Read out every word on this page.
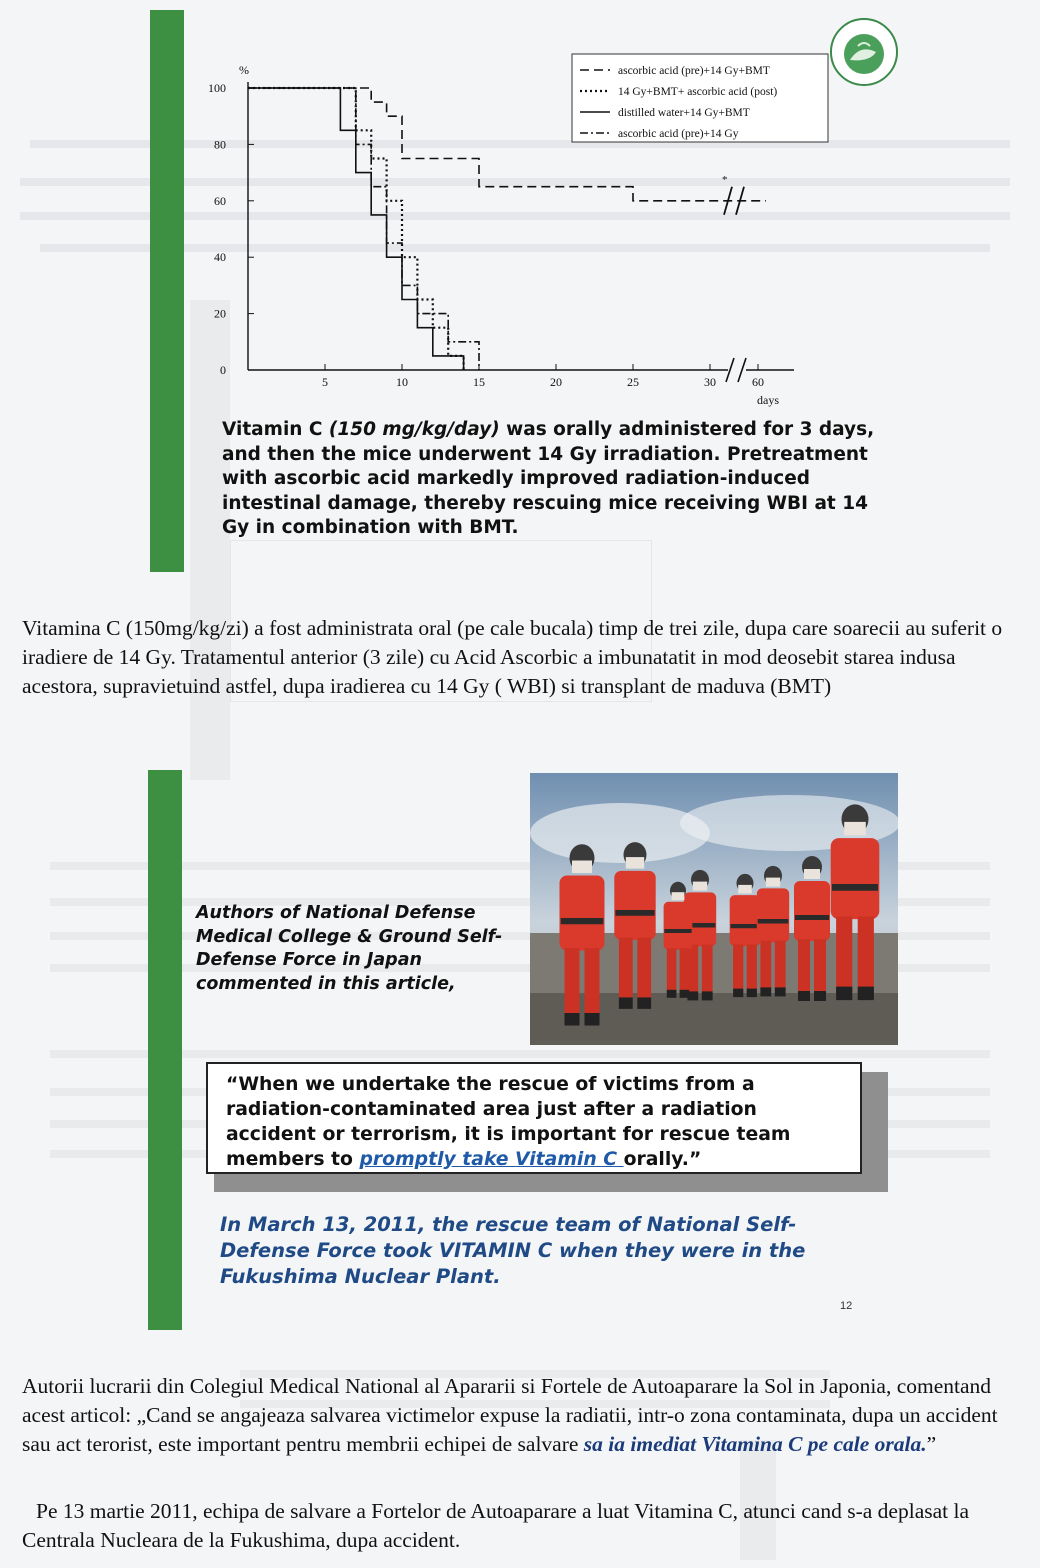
0
20
40
60
80
100
%
5	10	15	20	25	30	60
days
*
ascorbic acid (pre)+14 Gy+BMT
14 Gy+BMT+ ascorbic acid (post)
distilled water+14 Gy+BMT
ascorbic acid (pre)+14 Gy
Vitamin C (150 mg/kg/day) was orally administered for 3 days, and then the mice underwent 14 Gy irradiation. Pretreatment with ascorbic acid markedly improved radiation-induced intestinal damage, thereby rescuing mice receiving WBI at 14 Gy in combination with BMT.
Vitamina C (150mg/kg/zi) a fost administrata oral (pe cale bucala) timp de trei zile, dupa care soarecii au suferit o iradiere de 14 Gy. Tratamentul anterior (3 zile) cu Acid Ascorbic a imbunatatit in mod deosebit starea indusa acestora, supravietuind astfel, dupa iradierea cu 14 Gy ( WBI) si transplant de maduva (BMT)
Authors of National Defense Medical College & Ground Self- Defense Force in Japan commented in this article,
“When we undertake the rescue of victims from a radiation-contaminated area just after a radiation accident or terrorism, it is important for rescue team members to promptly take Vitamin C orally.”
In March 13, 2011, the rescue team of National Self-Defense Force took VITAMIN C when they were in the Fukushima Nuclear Plant.
12
Autorii lucrarii din Colegiul Medical National al Apararii si Fortele de Autoaparare la Sol in Japonia, comentand acest articol: „Cand se angajeaza salvarea victimelor expuse la radiatii, intr-o zona contaminata, dupa un accident sau act terorist, este important pentru membrii echipei de salvare sa ia imediat Vitamina C pe cale orala.”
Pe 13 martie 2011, echipa de salvare a Fortelor de Autoaparare a luat Vitamina C, atunci cand s-a deplasat la Centrala Nucleara de la Fukushima, dupa accident.
